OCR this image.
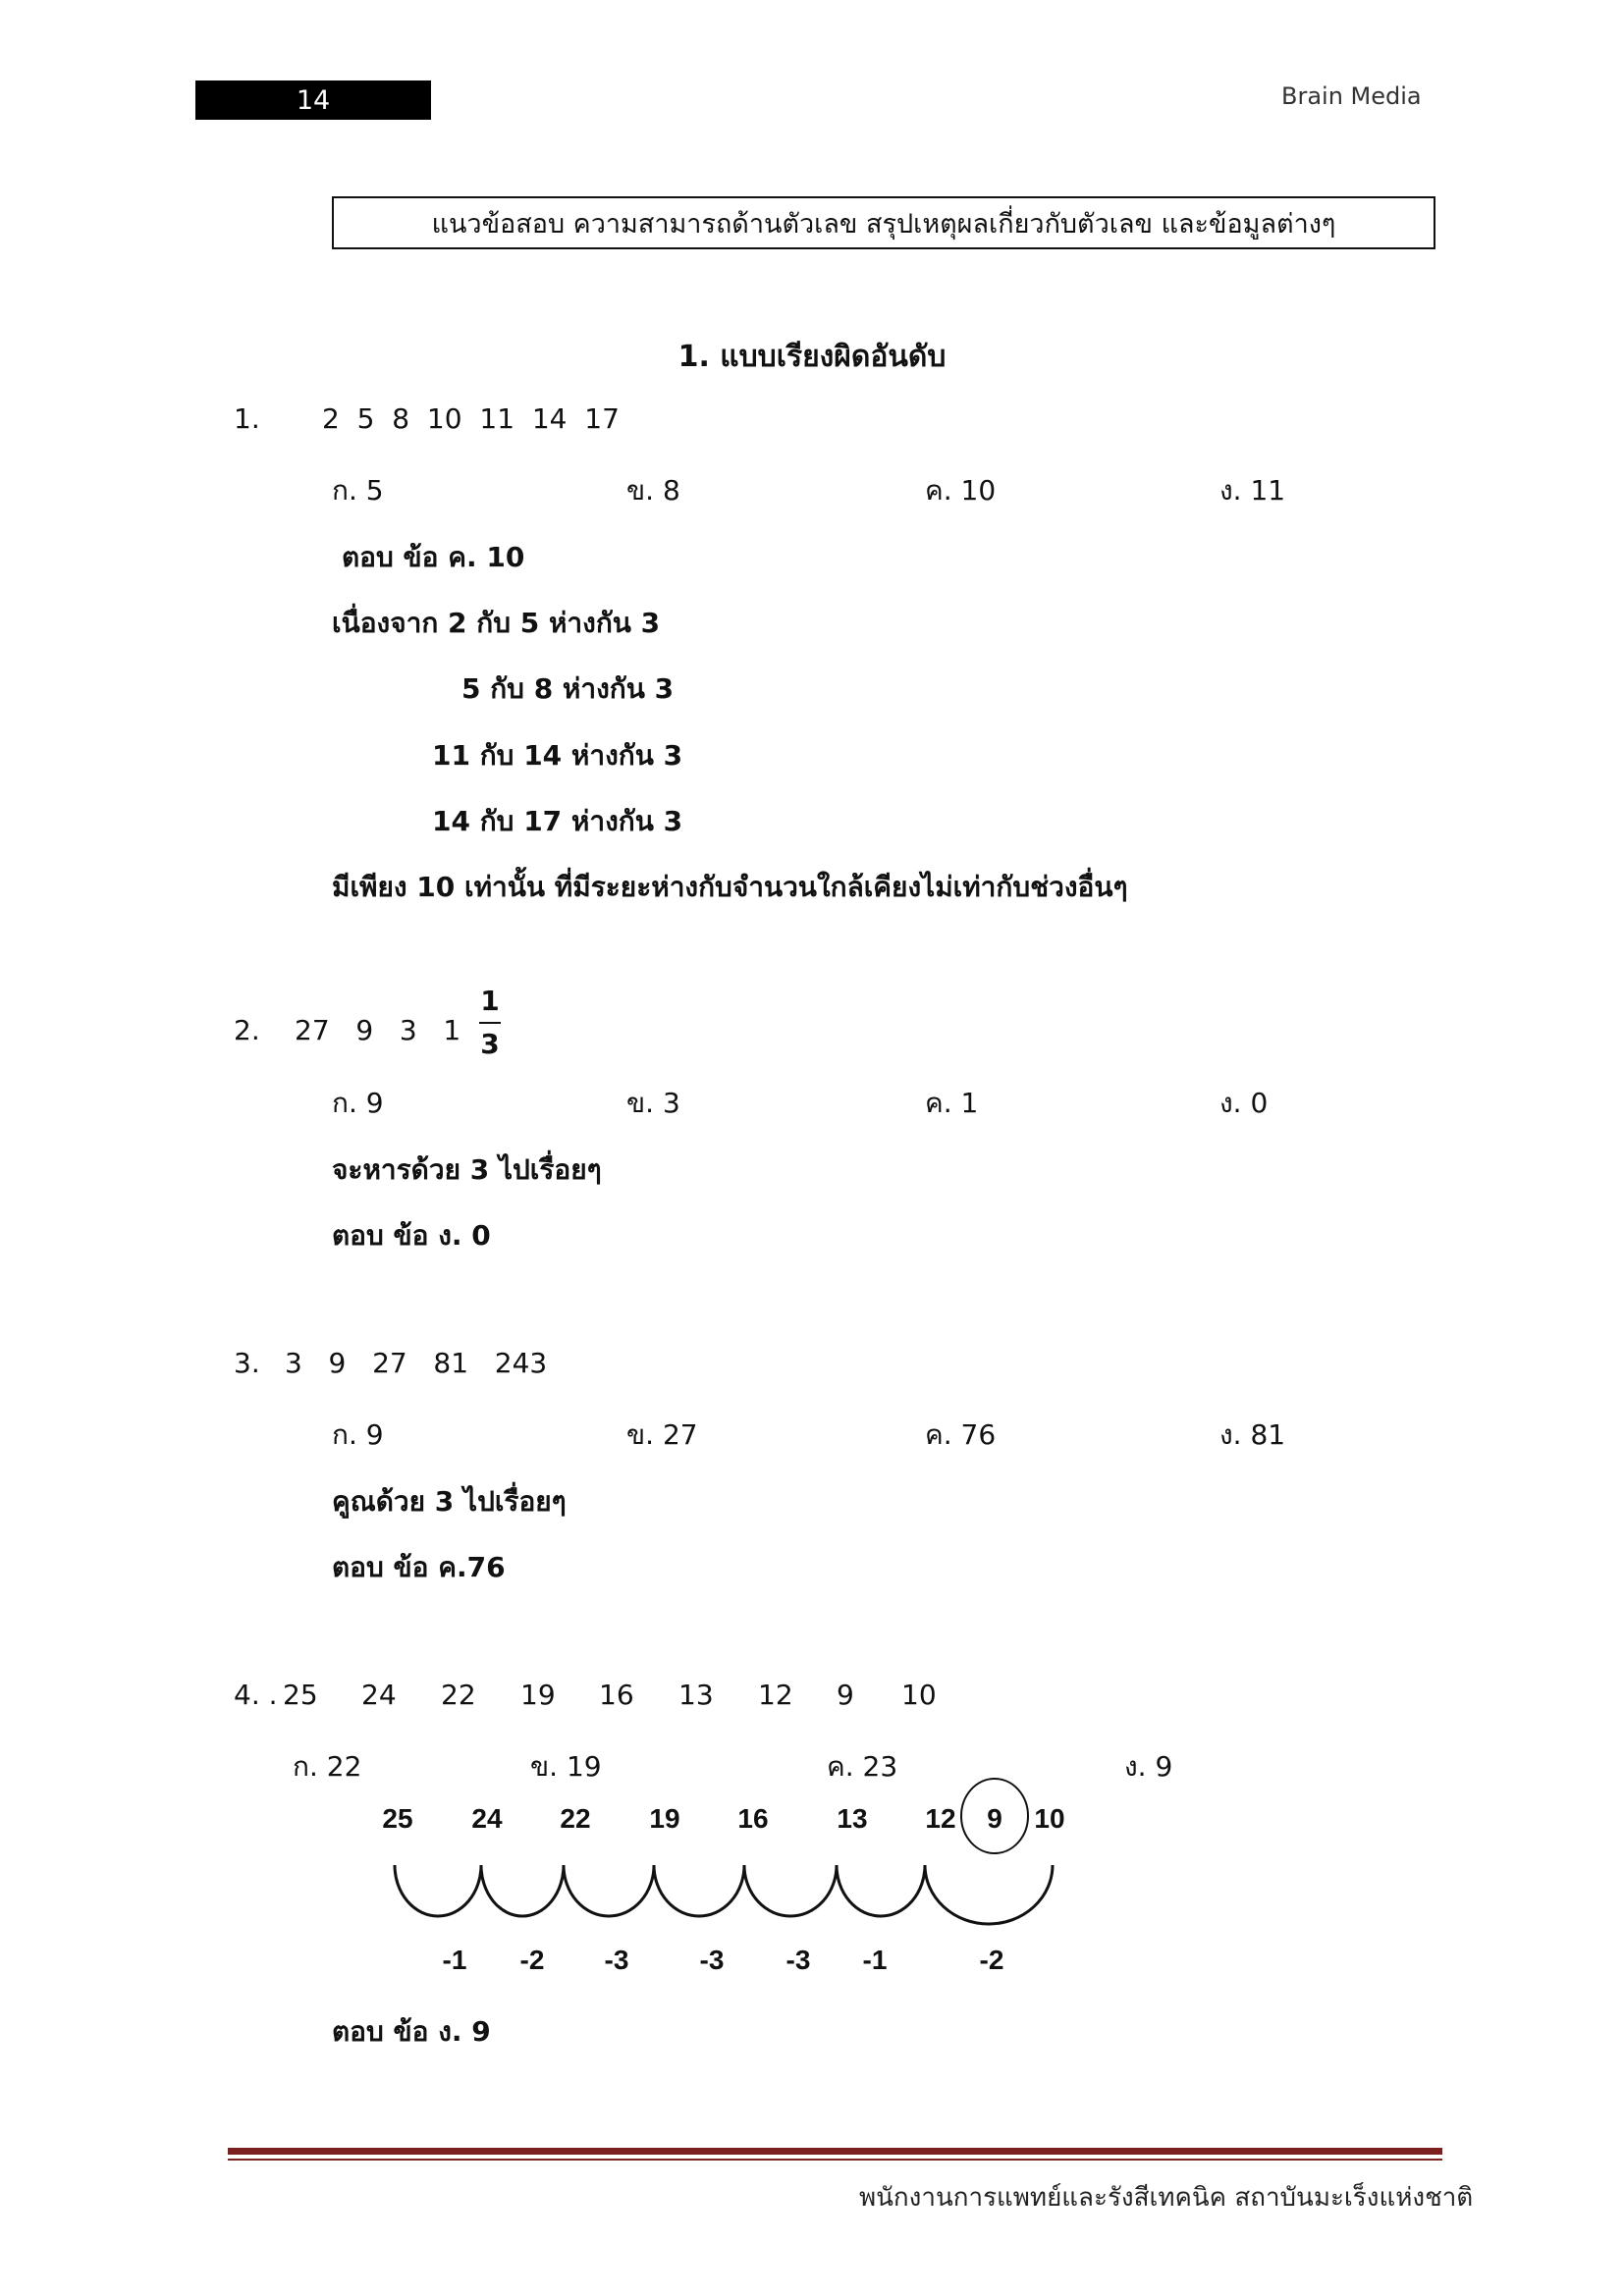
14	Brain Media
แนวข้อสอบ ความสามารถด้านตัวเลข สรุปเหตุผลเกี่ยวกับตัวเลข และข้อมูลต่างๆ
1. แบบเรียงผิดอันดับ
1. 2 5 8 10 11 14 17
ก. 5	ข. 8	ค. 10	ง. 11
ตอบ ข้อ ค. 10
เนื่องจาก 2 กับ 5 ห่างกัน 3
5 กับ 8 ห่างกัน 3
11 กับ 14 ห่างกัน 3
14 กับ 17 ห่างกัน 3
มีเพียง 10 เท่านั้น ที่มีระยะห่างกับจำนวนใกล้เคียงไม่เท่ากับช่วงอื่นๆ
2. 27 9 3 1
1
3
ก. 9	ข. 3	ค. 1	ง. 0
จะหารด้วย 3 ไปเรื่อยๆ
ตอบ ข้อ ง. 0
3. 3 9 27 81 243
ก. 9	ข. 27	ค. 76	ง. 81
คูณด้วย 3 ไปเรื่อยๆ
ตอบ ข้อ ค.76
4. . 25 24 22 19 16 13 12 9 10
ก. 22	ข. 19	ค. 23	ง. 9
25 24 22 19 16 13 12 9 10
-1 -2 -3	-3 -3 -1	-2
ตอบ ข้อ ง. 9
พนักงานการแพทย์และรังสีเทคนิค สถาบันมะเร็งแห่งชาติ
